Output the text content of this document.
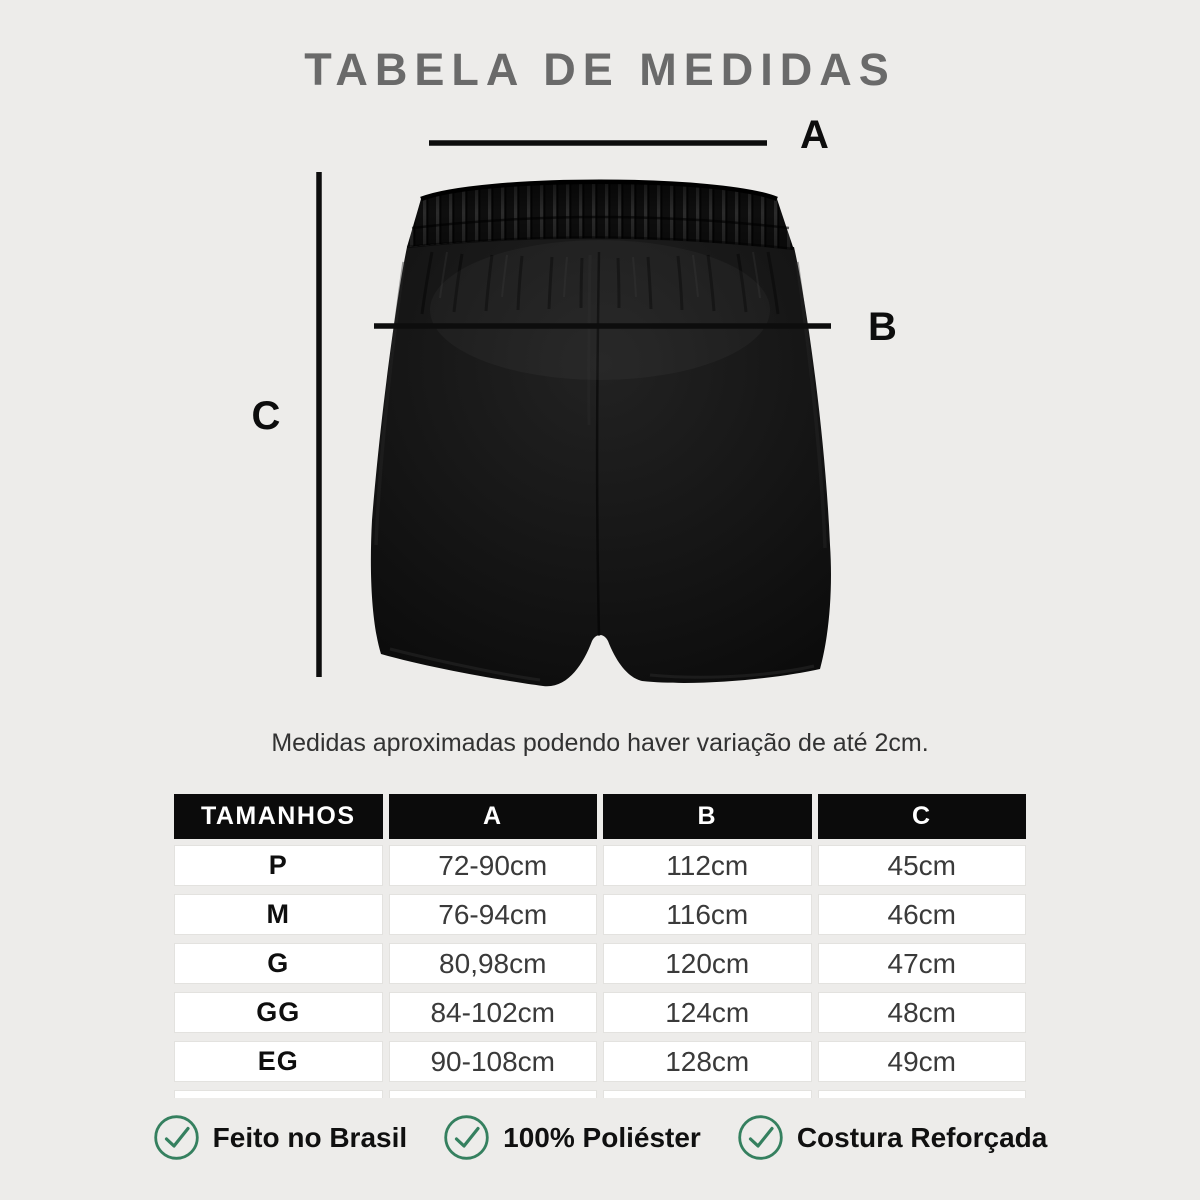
TABELA DE MEDIDAS
A
C
B
Medidas aproximadas podendo haver variação de até 2cm.
TAMANHOS	A	B	C
P	72-90cm	112cm	45cm
M	76-94cm	116cm	46cm
G	80,98cm	120cm	47cm
GG	84-102cm	124cm	48cm
EG	90-108cm	128cm	49cm
Feito no Brasil	100% Poliéster	Costura Reforçada
